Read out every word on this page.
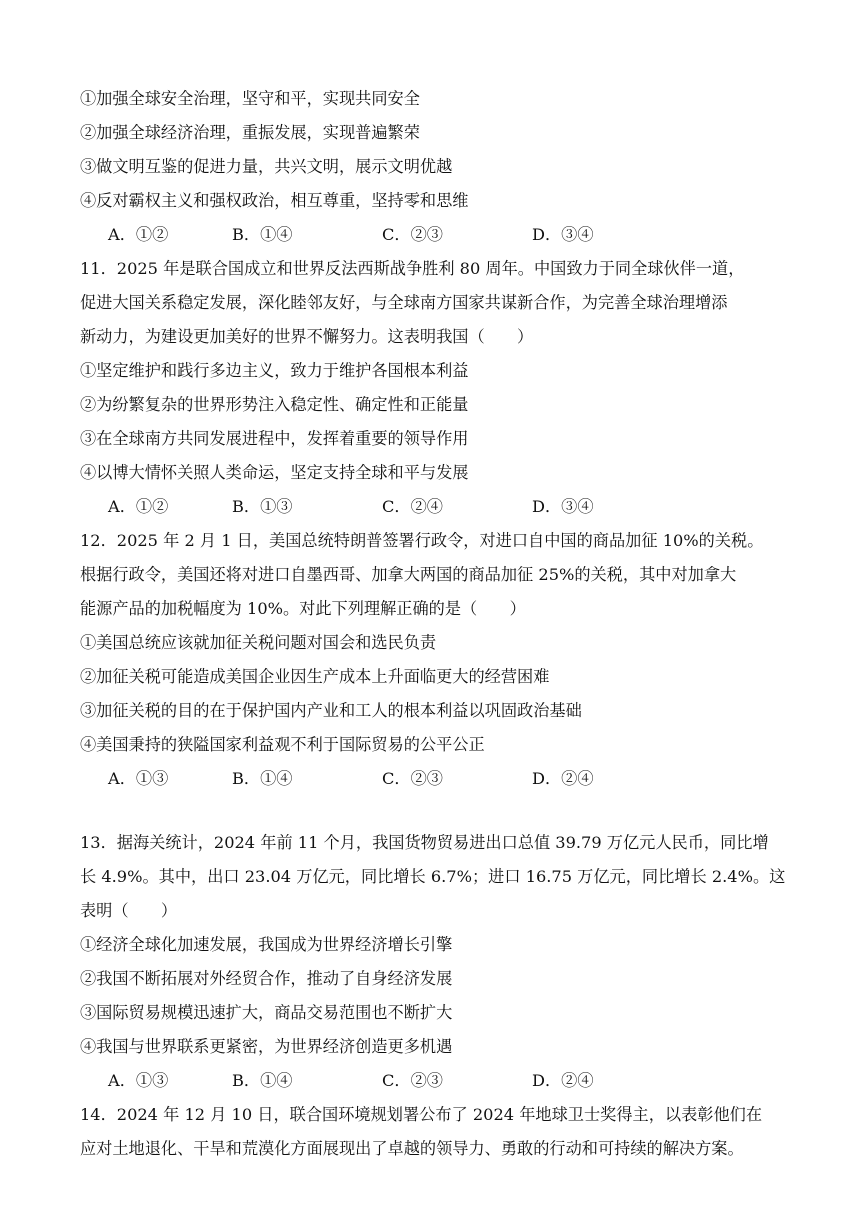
①加强全球安全治理，坚守和平，实现共同安全
②加强全球经济治理，重振发展，实现普遍繁荣
③做文明互鉴的促进力量，共兴文明，展示文明优越
④反对霸权主义和强权政治，相互尊重，坚持零和思维
A．①②	B．①④	C．②③	D．③④
11．2025 年是联合国成立和世界反法西斯战争胜利 80 周年。中国致力于同全球伙伴一道，
促进大国关系稳定发展，深化睦邻友好，与全球南方国家共谋新合作，为完善全球治理增添
新动力，为建设更加美好的世界不懈努力。这表明我国（　　）
①坚定维护和践行多边主义，致力于维护各国根本利益
②为纷繁复杂的世界形势注入稳定性、确定性和正能量
③在全球南方共同发展进程中，发挥着重要的领导作用
④以博大情怀关照人类命运，坚定支持全球和平与发展
A．①②	B．①③	C．②④	D．③④
12．2025 年 2 月 1 日，美国总统特朗普签署行政令，对进口自中国的商品加征 10%的关税。
根据行政令，美国还将对进口自墨西哥、加拿大两国的商品加征 25%的关税，其中对加拿大
能源产品的加税幅度为 10%。对此下列理解正确的是（　　）
①美国总统应该就加征关税问题对国会和选民负责
②加征关税可能造成美国企业因生产成本上升面临更大的经营困难
③加征关税的目的在于保护国内产业和工人的根本利益以巩固政治基础
④美国秉持的狭隘国家利益观不利于国际贸易的公平公正
A．①③	B．①④	C．②③	D．②④
13．据海关统计，2024 年前 11 个月，我国货物贸易进出口总值 39.79 万亿元人民币，同比增
长 4.9%。其中，出口 23.04 万亿元，同比增长 6.7%；进口 16.75 万亿元，同比增长 2.4%。这
表明（　　）
①经济全球化加速发展，我国成为世界经济增长引擎
②我国不断拓展对外经贸合作，推动了自身经济发展
③国际贸易规模迅速扩大，商品交易范围也不断扩大
④我国与世界联系更紧密，为世界经济创造更多机遇
A．①③	B．①④	C．②③	D．②④
14．2024 年 12 月 10 日，联合国环境规划署公布了 2024 年地球卫士奖得主，以表彰他们在
应对土地退化、干旱和荒漠化方面展现出了卓越的领导力、勇敢的行动和可持续的解决方案。
